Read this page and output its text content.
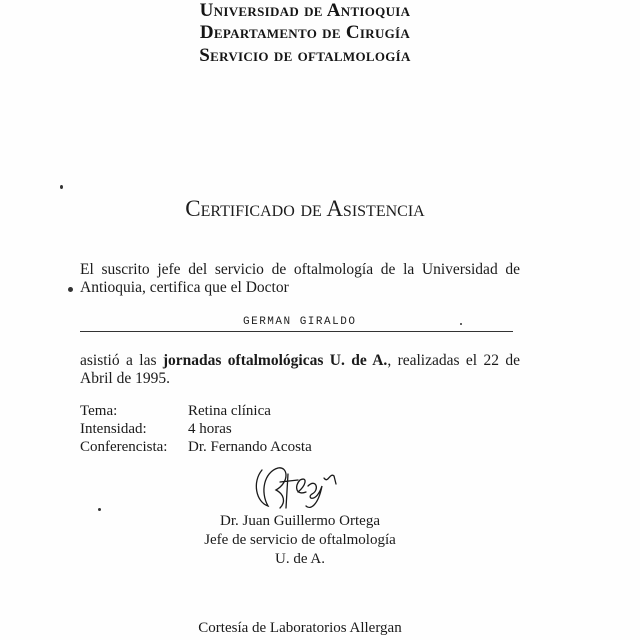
Universidad de Antioquia
Departamento de Cirugía
Servicio de oftalmología
Certificado de Asistencia
El suscrito jefe del servicio de oftalmología de la Universidad de Antioquia, certifica que el Doctor
GERMAN GIRALDO
asistió a las jornadas oftalmológicas U. de A., realizadas el 22 de Abril de 1995.
Tema:	Retina clínica
Intensidad:	4 horas
Conferencista: Dr. Fernando Acosta
Dr. Juan Guillermo Ortega
Jefe de servicio de oftalmología
U. de A.
Cortesía de Laboratorios Allergan
